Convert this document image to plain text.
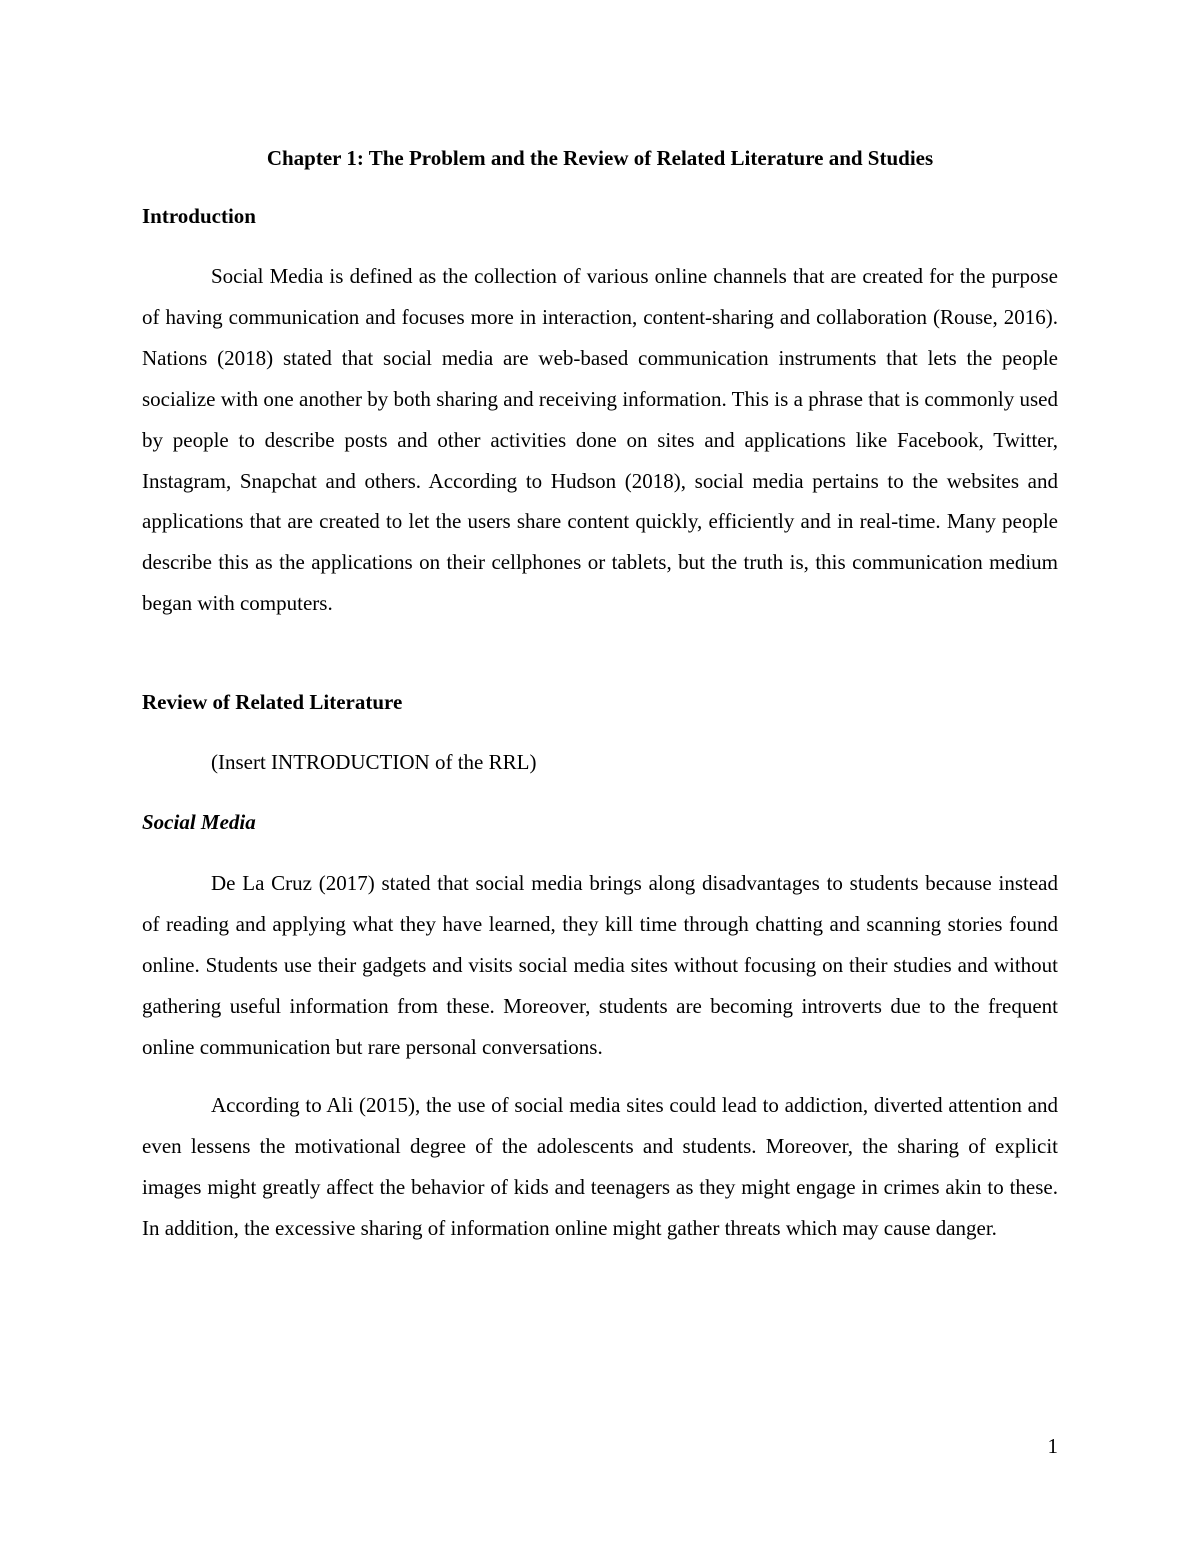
Chapter 1: The Problem and the Review of Related Literature and Studies
Introduction

Social Media is defined as the collection of various online channels that are created for the purpose of having communication and focuses more in interaction, content-sharing and collaboration (Rouse, 2016). Nations (2018) stated that social media are web-based communication instruments that lets the people socialize with one another by both sharing and receiving information. This is a phrase that is commonly used by people to describe posts and other activities done on sites and applications like Facebook, Twitter, Instagram, Snapchat and others. According to Hudson (2018), social media pertains to the websites and applications that are created to let the users share content quickly, efficiently and in real-time. Many people describe this as the applications on their cellphones or tablets, but the truth is, this communication medium began with computers.

Review of Related Literature

(Insert INTRODUCTION of the RRL)

Social Media

De La Cruz (2017) stated that social media brings along disadvantages to students because instead of reading and applying what they have learned, they kill time through chatting and scanning stories found online. Students use their gadgets and visits social media sites without focusing on their studies and without gathering useful information from these. Moreover, students are becoming introverts due to the frequent online communication but rare personal conversations.

According to Ali (2015), the use of social media sites could lead to addiction, diverted attention and even lessens the motivational degree of the adolescents and students. Moreover, the sharing of explicit images might greatly affect the behavior of kids and teenagers as they might engage in crimes akin to these. In addition, the excessive sharing of information online might gather threats which may cause danger.

1
